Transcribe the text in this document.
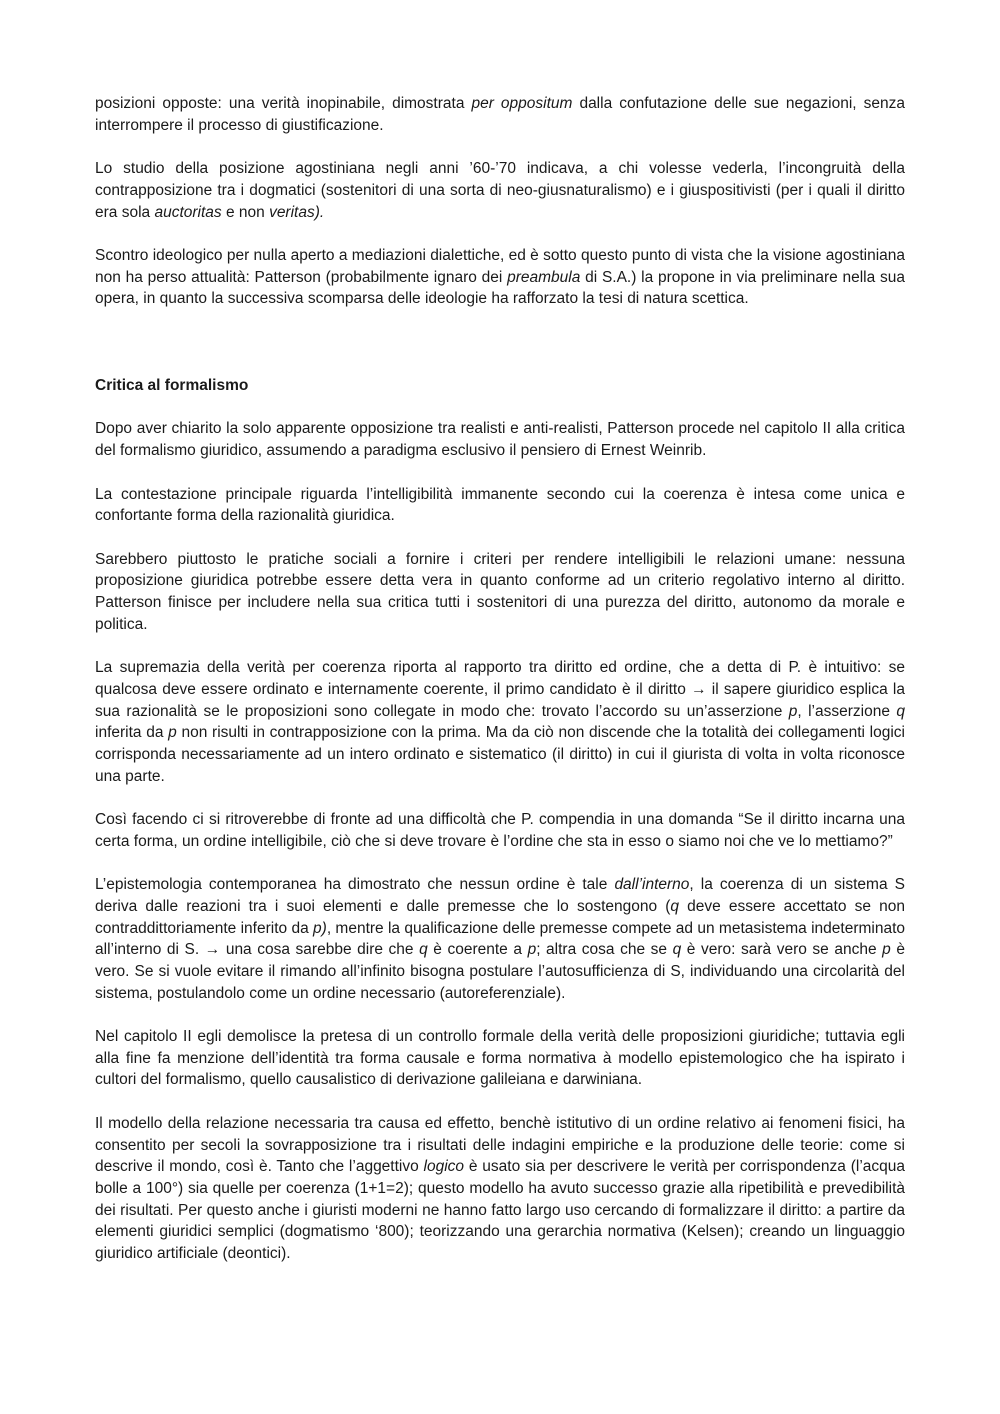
posizioni opposte: una verità inopinabile, dimostrata per oppositum dalla confutazione delle sue negazioni, senza interrompere il processo di giustificazione.

Lo studio della posizione agostiniana negli anni ’60-’70 indicava, a chi volesse vederla, l’incongruità della contrapposizione tra i dogmatici (sostenitori di una sorta di neo-giusnaturalismo) e i giuspositivisti (per i quali il diritto era sola auctoritas e non veritas).

Scontro ideologico per nulla aperto a mediazioni dialettiche, ed è sotto questo punto di vista che la visione agostiniana non ha perso attualità: Patterson (probabilmente ignaro dei preambula di S.A.) la propone in via preliminare nella sua opera, in quanto la successiva scomparsa delle ideologie ha rafforzato la tesi di natura scettica.

Critica al formalismo

Dopo aver chiarito la solo apparente opposizione tra realisti e anti-realisti, Patterson procede nel capitolo II alla critica del formalismo giuridico, assumendo a paradigma esclusivo il pensiero di Ernest Weinrib.

La contestazione principale riguarda l’intelligibilità immanente secondo cui la coerenza è intesa come unica e confortante forma della razionalità giuridica.

Sarebbero piuttosto le pratiche sociali a fornire i criteri per rendere intelligibili le relazioni umane: nessuna proposizione giuridica potrebbe essere detta vera in quanto conforme ad un criterio regolativo interno al diritto. Patterson finisce per includere nella sua critica tutti i sostenitori di una purezza del diritto, autonomo da morale e politica.

La supremazia della verità per coerenza riporta al rapporto tra diritto ed ordine, che a detta di P. è intuitivo: se qualcosa deve essere ordinato e internamente coerente, il primo candidato è il diritto → il sapere giuridico esplica la sua razionalità se le proposizioni sono collegate in modo che: trovato l’accordo su un’asserzione p, l’asserzione q inferita da p non risulti in contrapposizione con la prima. Ma da ciò non discende che la totalità dei collegamenti logici corrisponda necessariamente ad un intero ordinato e sistematico (il diritto) in cui il giurista di volta in volta riconosce una parte.

Così facendo ci si ritroverebbe di fronte ad una difficoltà che P. compendia in una domanda “Se il diritto incarna una certa forma, un ordine intelligibile, ciò che si deve trovare è l’ordine che sta in esso o siamo noi che ve lo mettiamo?”

L’epistemologia contemporanea ha dimostrato che nessun ordine è tale dall’interno, la coerenza di un sistema S deriva dalle reazioni tra i suoi elementi e dalle premesse che lo sostengono (q deve essere accettato se non contraddittoriamente inferito da p), mentre la qualificazione delle premesse compete ad un metasistema indeterminato all’interno di S. → una cosa sarebbe dire che q è coerente a p; altra cosa che se q è vero: sarà vero se anche p è vero. Se si vuole evitare il rimando all’infinito bisogna postulare l’autosufficienza di S, individuando una circolarità del sistema, postulandolo come un ordine necessario (autoreferenziale).

Nel capitolo II egli demolisce la pretesa di un controllo formale della verità delle proposizioni giuridiche; tuttavia egli alla fine fa menzione dell’identità tra forma causale e forma normativa à modello epistemologico che ha ispirato i cultori del formalismo, quello causalistico di derivazione galileiana e darwiniana.

Il modello della relazione necessaria tra causa ed effetto, benchè istitutivo di un ordine relativo ai fenomeni fisici, ha consentito per secoli la sovrapposizione tra i risultati delle indagini empiriche e la produzione delle teorie: come si descrive il mondo, così è. Tanto che l’aggettivo logico è usato sia per descrivere le verità per corrispondenza (l’acqua bolle a 100°) sia quelle per coerenza (1+1=2); questo modello ha avuto successo grazie alla ripetibilità e prevedibilità dei risultati. Per questo anche i giuristi moderni ne hanno fatto largo uso cercando di formalizzare il diritto: a partire da elementi giuridici semplici (dogmatismo ‘800); teorizzando una gerarchia normativa (Kelsen); creando un linguaggio giuridico artificiale (deontici).
